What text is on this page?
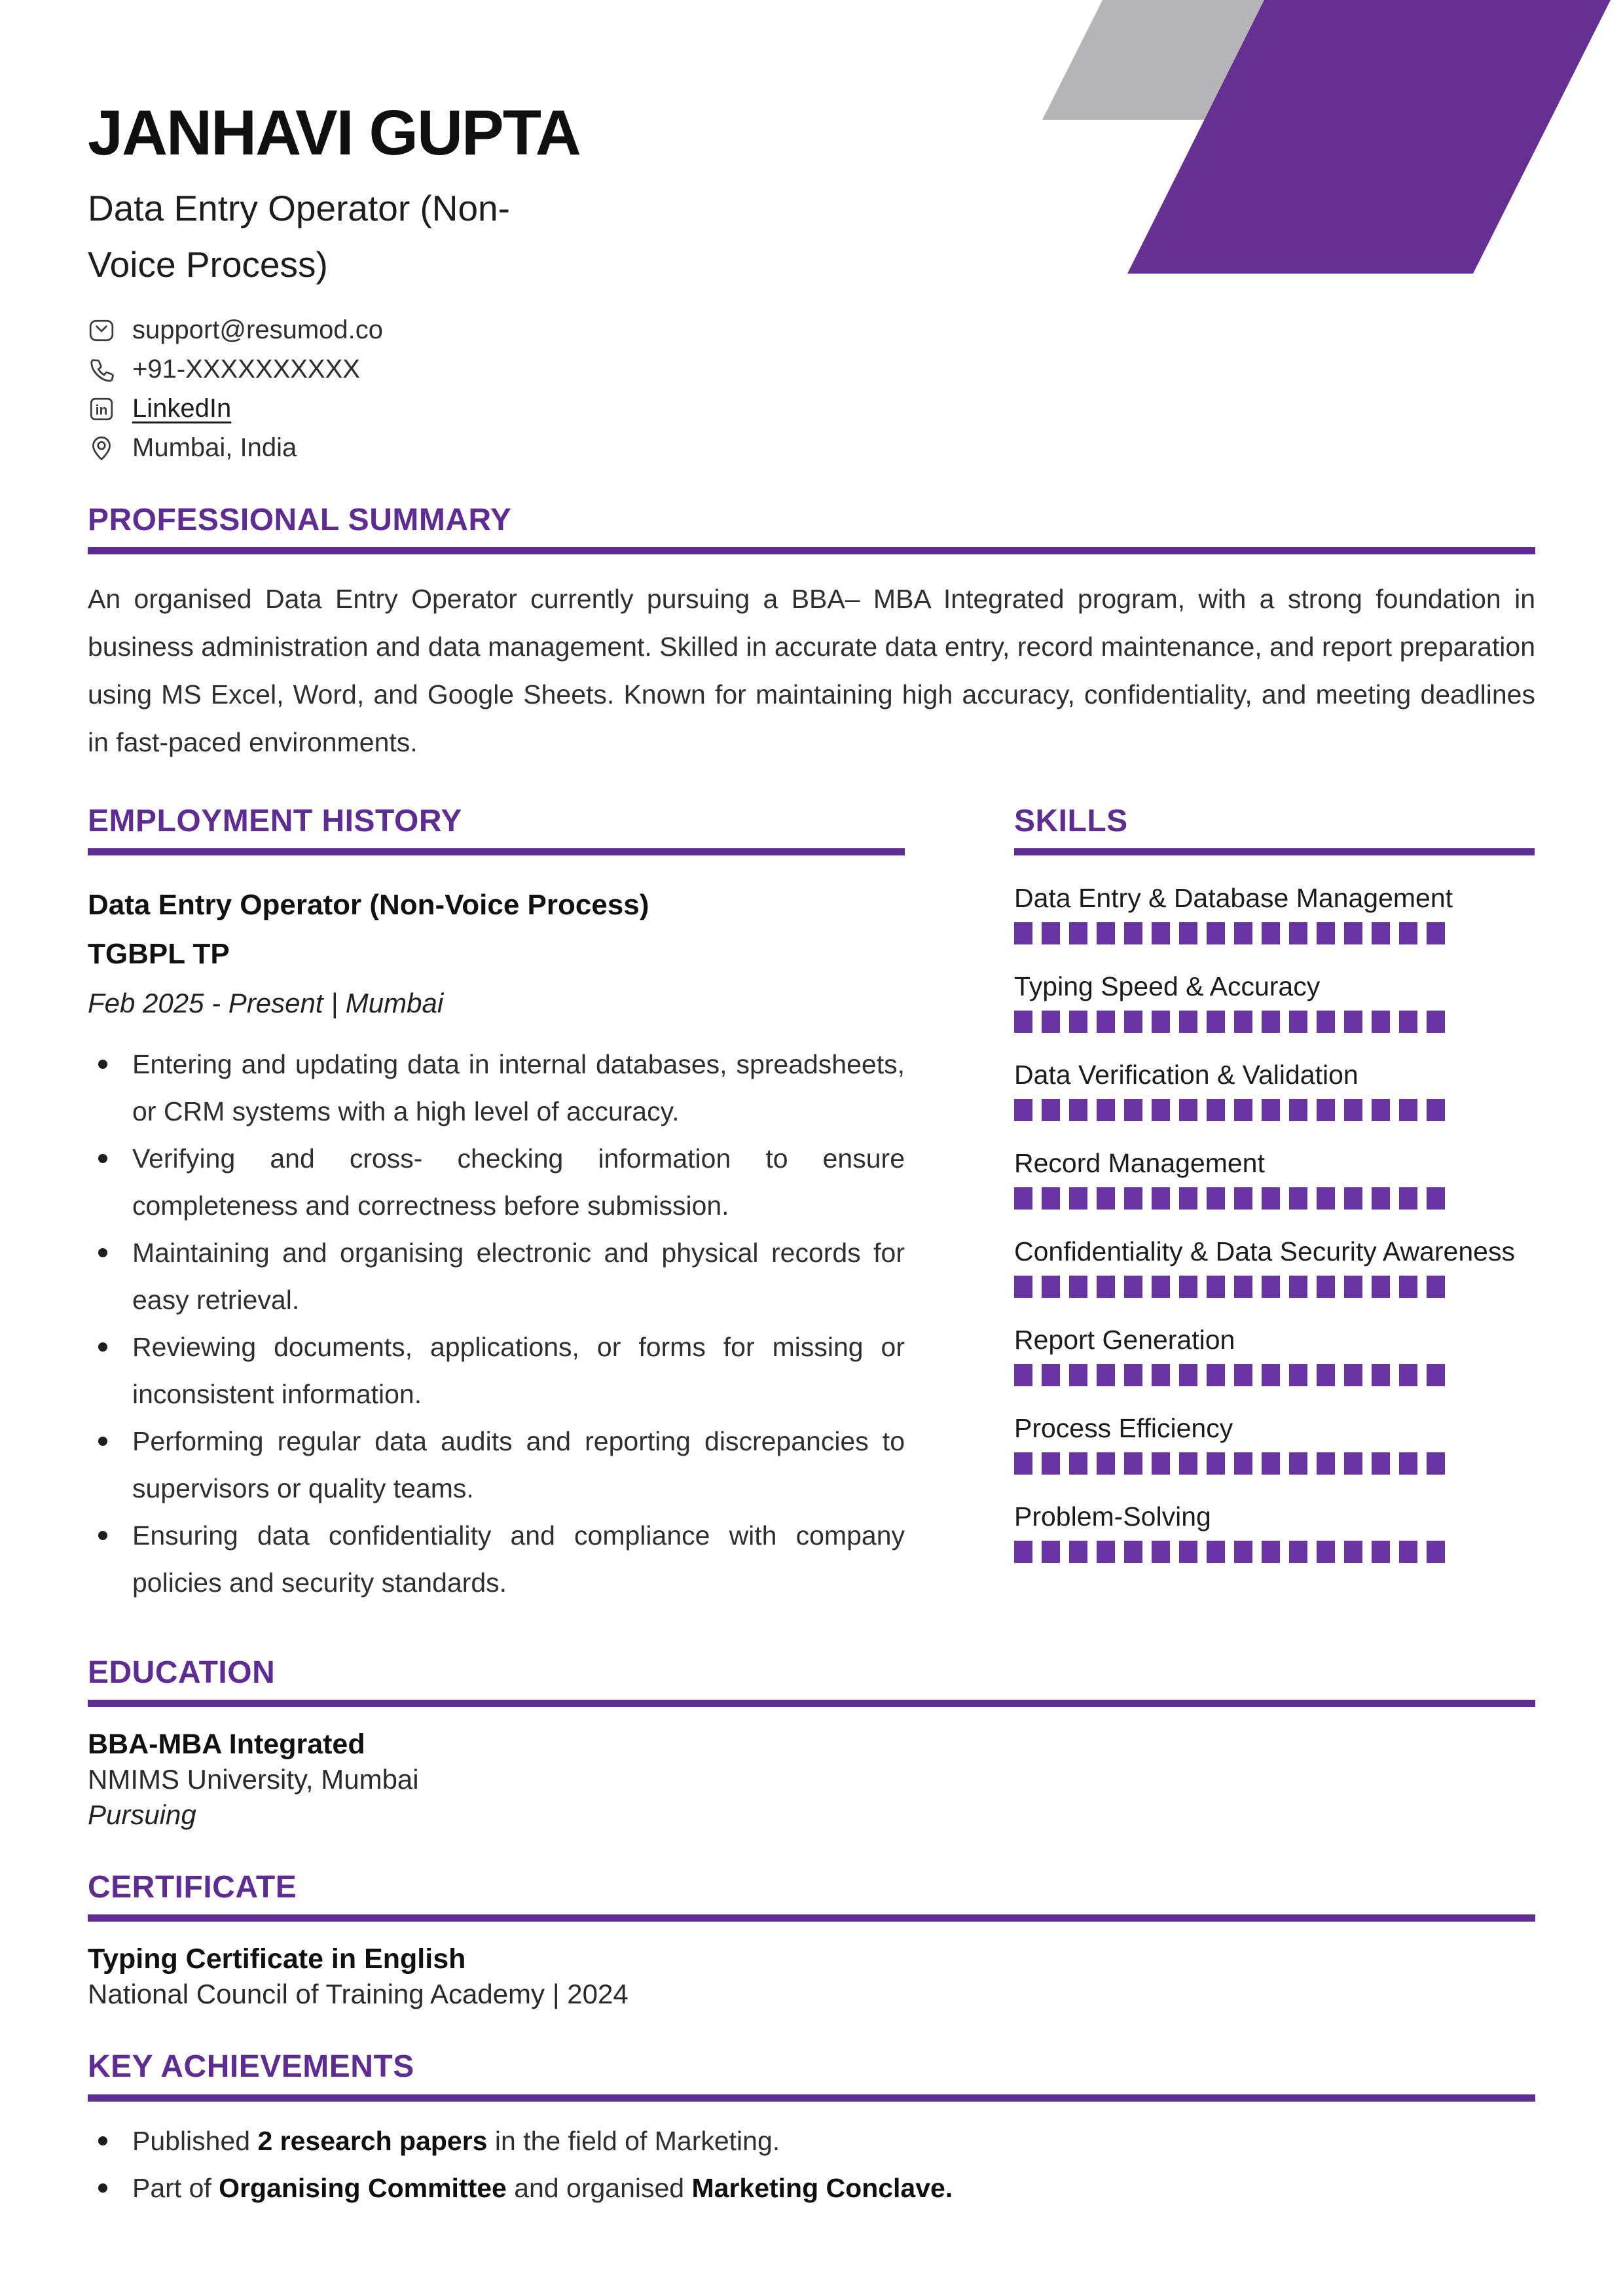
JANHAVI GUPTA
Data Entry Operator (Non-
Voice Process)
support@resumod.co
+91-XXXXXXXXXX
in LinkedIn
Mumbai, India
PROFESSIONAL SUMMARY

An organised Data Entry Operator currently pursuing a BBA– MBA Integrated program, with a strong foundation in business administration and data management. Skilled in accurate data entry, record maintenance, and report preparation using MS Excel, Word, and Google Sheets. Known for maintaining high accuracy, confidentiality, and meeting deadlines in fast-paced environments.

EMPLOYMENT HISTORY
Data Entry Operator (Non-Voice Process)
TGBPL TP
Feb 2025 - Present | Mumbai
Entering and updating data in internal databases, spreadsheets, or CRM systems with a high level of accuracy.
Verifying and cross- checking information to ensure completeness and correctness before submission.
Maintaining and organising electronic and physical records for easy retrieval.
Reviewing documents, applications, or forms for missing or inconsistent information.
Performing regular data audits and reporting discrepancies to supervisors or quality teams.
Ensuring data confidentiality and compliance with company policies and security standards.
SKILLS
Data Entry & Database Management
Typing Speed & Accuracy
Data Verification & Validation
Record Management
Confidentiality & Data Security Awareness
Report Generation
Process Efficiency
Problem-Solving
EDUCATION
BBA-MBA Integrated
NMIMS University, Mumbai
Pursuing
CERTIFICATE
Typing Certificate in English
National Council of Training Academy | 2024
KEY ACHIEVEMENTS
Published 2 research papers in the field of Marketing.
Part of Organising Committee and organised Marketing Conclave.
